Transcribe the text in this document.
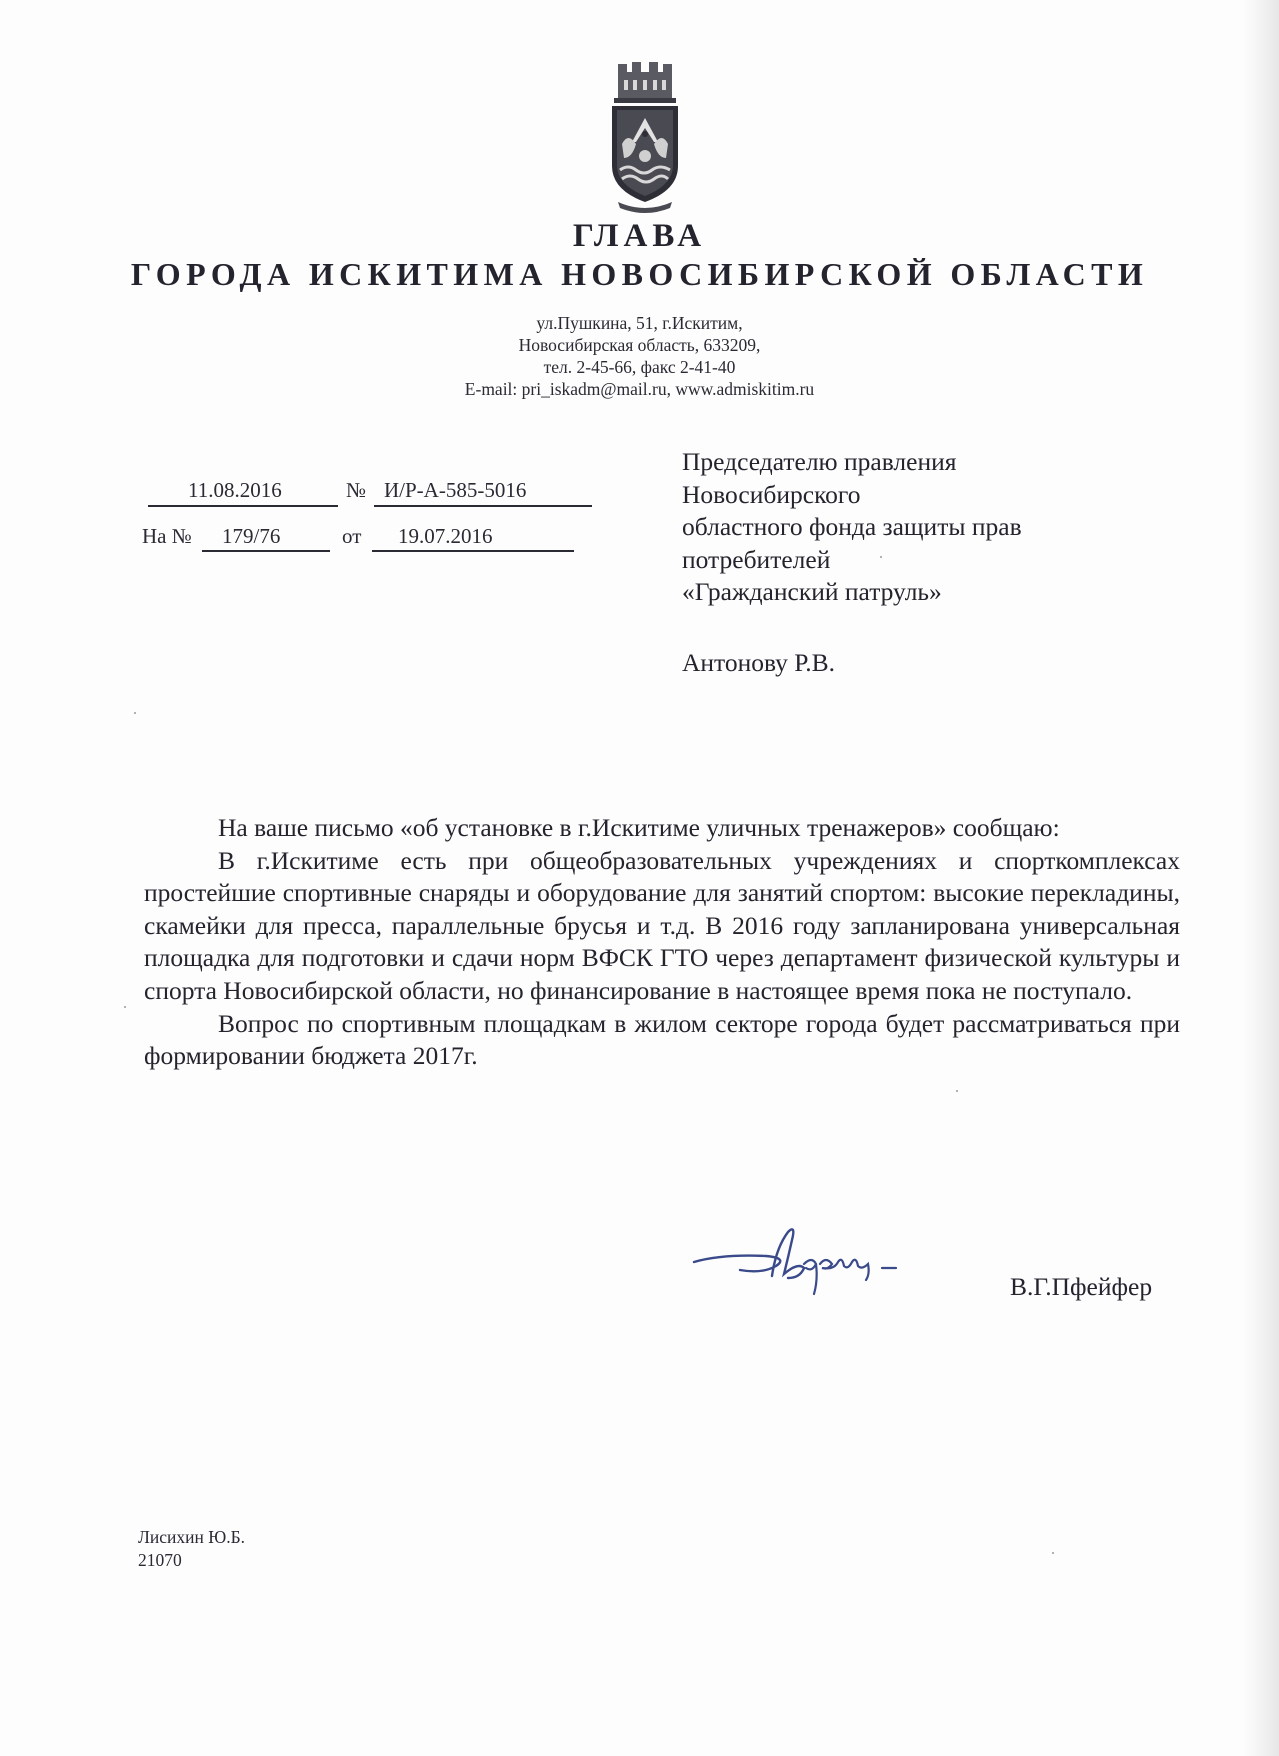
ГЛАВА
ГОРОДА ИСКИТИМА НОВОСИБИРСКОЙ ОБЛАСТИ
ул.Пушкина, 51, г.Искитим,
Новосибирская область, 633209,
тел. 2-45-66, факс 2-41-40
E-mail: pri_iskadm@mail.ru, www.admiskitim.ru
11.08.2016	№ И/Р-А-585-5016
На № 179/76	от 19.07.2016
Председателю правления
Новосибирского
областного фонда защиты прав
потребителей
«Гражданский патруль»
Антонову Р.В.

На ваше письмо «об установке в г.Искитиме уличных тренажеров» сообщаю:

В г.Искитиме есть при общеобразовательных учреждениях и спорткомплексах простейшие спортивные снаряды и оборудование для занятий спортом: высокие перекладины, скамейки для пресса, параллельные брусья и т.д. В 2016 году запланирована универсальная площадка для подготовки и сдачи норм ВФСК ГТО через департамент физической культуры и спорта Новосибирской области, но финансирование в настоящее время пока не поступало.

Вопрос по спортивным площадкам в жилом секторе города будет рассматриваться при формировании бюджета 2017г.

В.Г.Пфейфер
Лисихин Ю.Б.
21070
